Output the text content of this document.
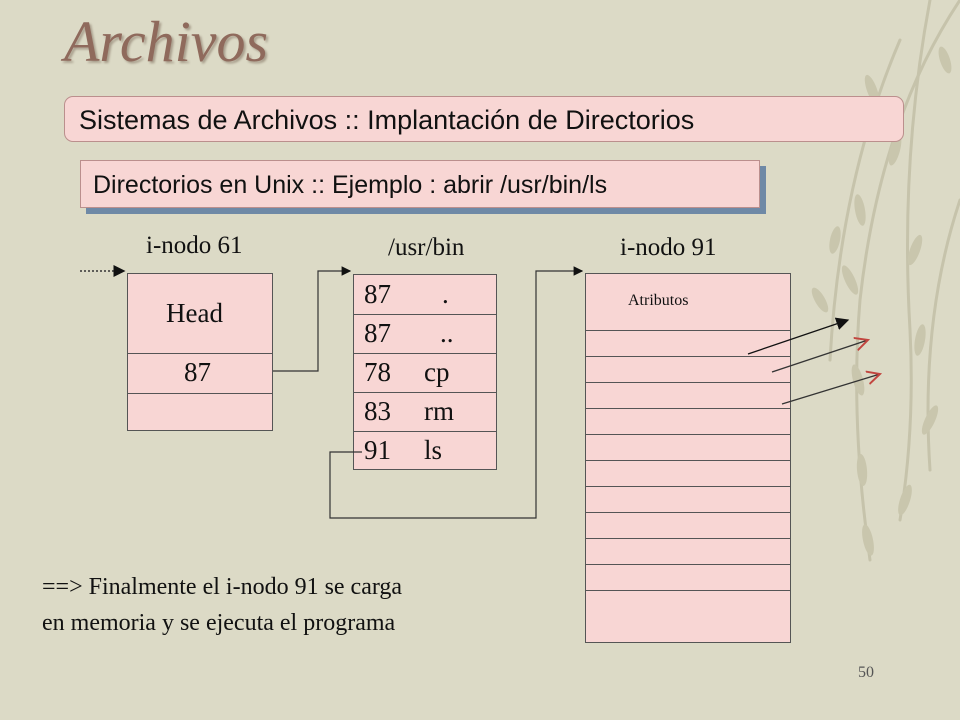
Archivos
Sistemas de Archivos :: Implantación de Directorios
Directorios en Unix :: Ejemplo : abrir /usr/bin/ls
i-nodo 61
Head
87
/usr/bin
87 .
87 ..
78 cp
83 rm
91 ls
i-nodo 91
Atributos
==> Finalmente el i-nodo 91 se carga
en memoria y se ejecuta el programa
50
